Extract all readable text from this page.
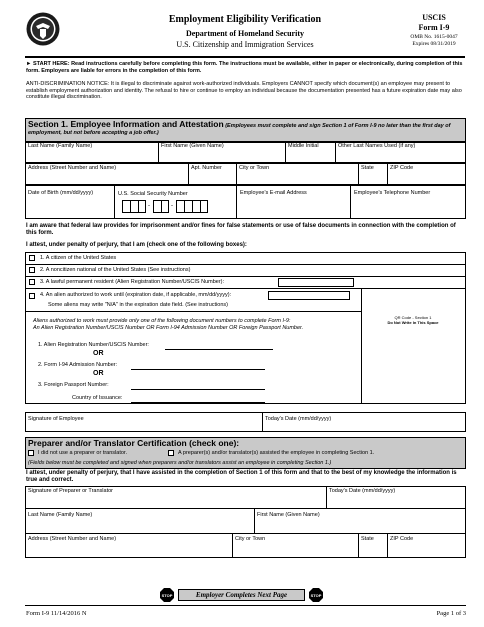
Employment Eligibility Verification
Department of Homeland Security
U.S. Citizenship and Immigration Services
USCIS
Form I-9
OMB No. 1615-0047
Expires 08/31/2019
► START HERE: Read instructions carefully before completing this form. The instructions must be available, either in paper or electronically, during completion of this form. Employers are liable for errors in the completion of this form.
ANTI-DISCRIMINATION NOTICE: It is illegal to discriminate against work-authorized individuals. Employers CANNOT specify which document(s) an employee may present to establish employment authorization and identity. The refusal to hire or continue to employ an individual because the documentation presented has a future expiration date may also constitute illegal discrimination.
Section 1. Employee Information and Attestation (Employees must complete and sign Section 1 of Form I-9 no later than the first day of employment, but not before accepting a job offer.)
Last Name (Family Name)	First Name (Given Name)	Middle Initial	Other Last Names Used (if any)
Address (Street Number and Name)	Apt. Number	City or Town	State	ZIP Code
Date of Birth (mm/dd/yyyy)	U.S. Social Security Number	Employee's E-mail Address	Employee's Telephone Number
-	-
I am aware that federal law provides for imprisonment and/or fines for false statements or use of false documents in connection with the completion of this form.
I attest, under penalty of perjury, that I am (check one of the following boxes):
1. A citizen of the United States
2. A noncitizen national of the United States (See instructions)
3. A lawful permanent resident (Alien Registration Number/USCIS Number):
4. An alien authorized to work until (expiration date, if applicable, mm/dd/yyyy):
Some aliens may write "N/A" in the expiration date field. (See instructions)
QR Code - Section 1
Do Not Write In This Space
Aliens authorized to work must provide only one of the following document numbers to complete Form I-9:
An Alien Registration Number/USCIS Number OR Form I-94 Admission Number OR Foreign Passport Number.
1. Alien Registration Number/USCIS Number:
OR
2. Form I-94 Admission Number:
OR
3. Foreign Passport Number:
Country of Issuance:
Signature of Employee	Today's Date (mm/dd/yyyy)
Preparer and/or Translator Certification (check one):
I did not use a preparer or translator.	A preparer(s) and/or translator(s) assisted the employee in completing Section 1.
(Fields below must be completed and signed when preparers and/or translators assist an employee in completing Section 1.)
I attest, under penalty of perjury, that I have assisted in the completion of Section 1 of this form and that to the best of my knowledge the information is true and correct.
Signature of Preparer or Translator	Today's Date (mm/dd/yyyy)
Last Name (Family Name)	First Name (Given Name)
Address (Street Number and Name)	City or Town	State	ZIP Code
STOP	Employer Completes Next Page	STOP
Form I-9 11/14/2016 N	Page 1 of 3
